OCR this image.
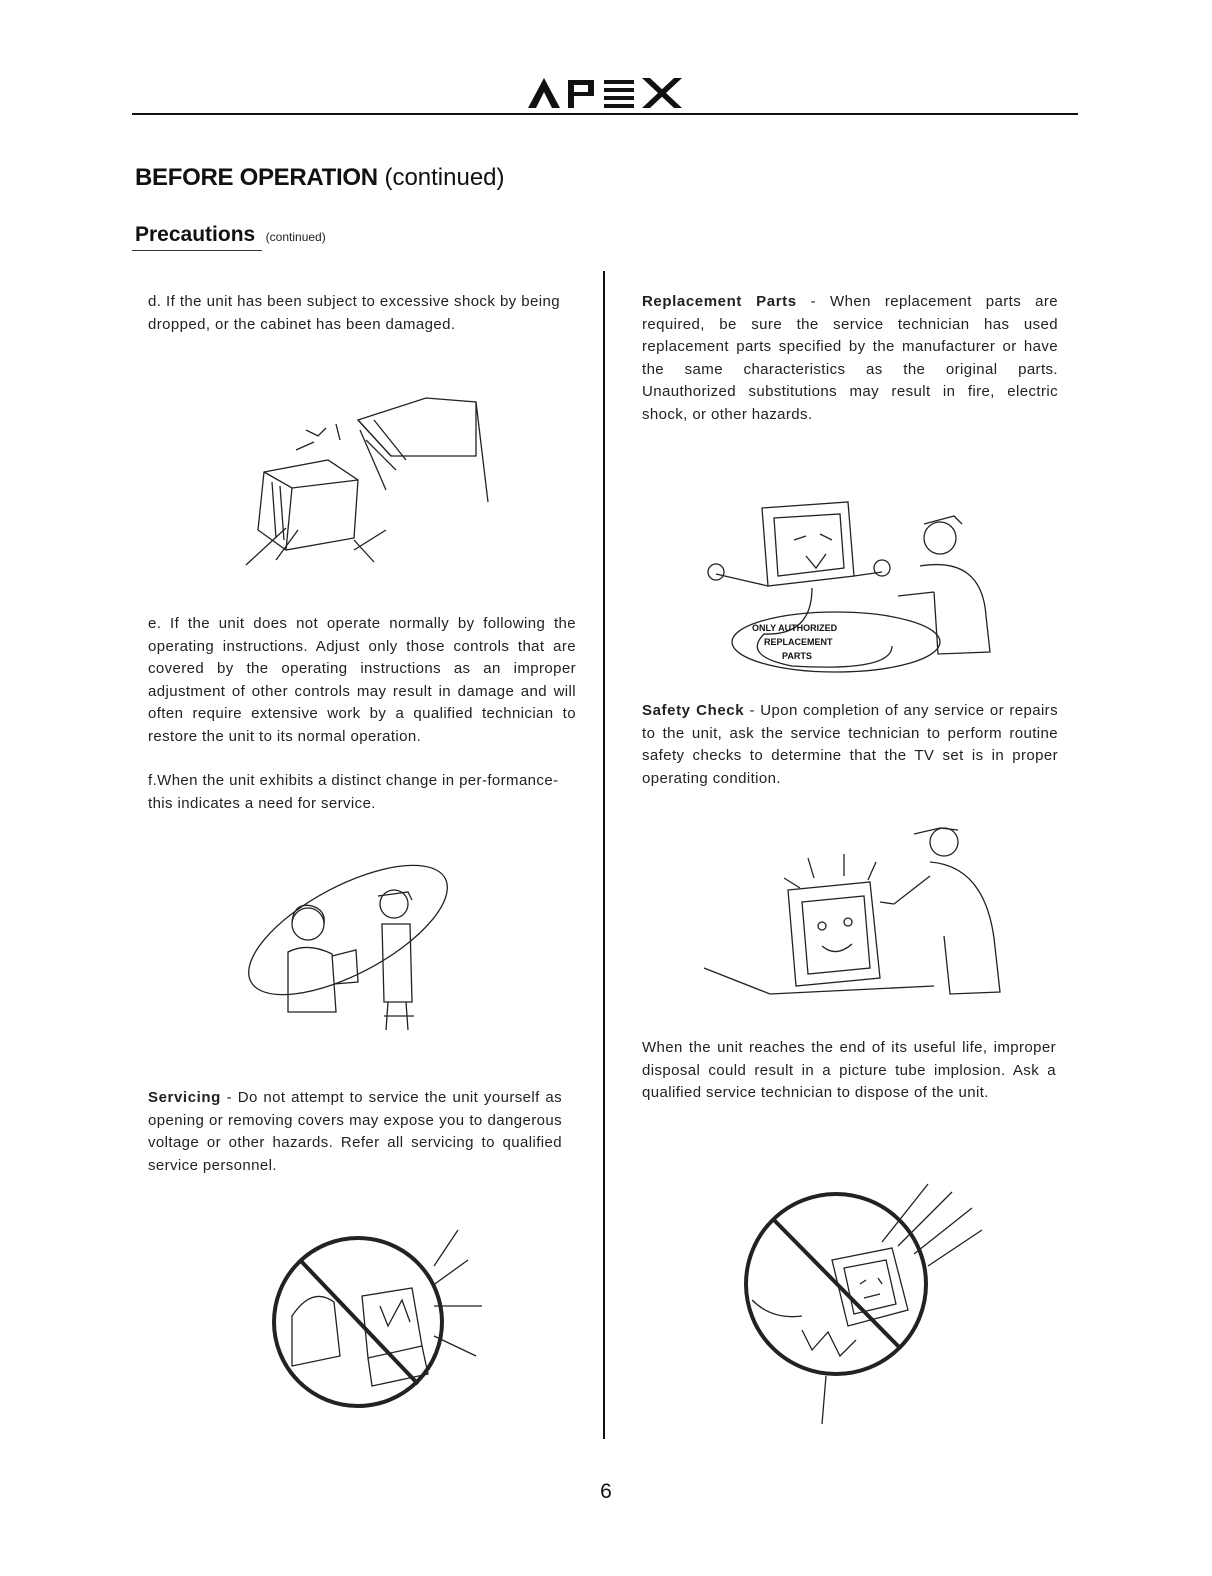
BEFORE OPERATION (continued)
Precautions (continued)

d. If the unit has been subject to excessive shock by being dropped, or the cabinet has been damaged.

e. If the unit does not operate normally by following the operating instructions. Adjust only those controls that are covered by the operating instructions as an improper adjustment of other controls may result in damage and will often require extensive work by a qualified technician to restore the unit to its normal operation.

f.When the unit exhibits a distinct change in per-formance-this indicates a need for service.

Servicing - Do not attempt to service the unit yourself as opening or removing covers may expose you to dangerous voltage or other hazards. Refer all servicing to qualified service personnel.

Replacement Parts - When replacement parts are required, be sure the service technician has used replacement parts specified by the manufacturer or have the same characteristics as the original parts. Unauthorized substitutions may result in fire, electric shock, or other hazards.

ONLY AUTHORIZED
REPLACEMENT
PARTS

Safety Check - Upon completion of any service or repairs to the unit, ask the service technician to perform routine safety checks to determine that the TV set is in proper operating condition.

When the unit reaches the end of its useful life, improper disposal could result in a picture tube implosion. Ask a qualified service technician to dispose of the unit.

6
